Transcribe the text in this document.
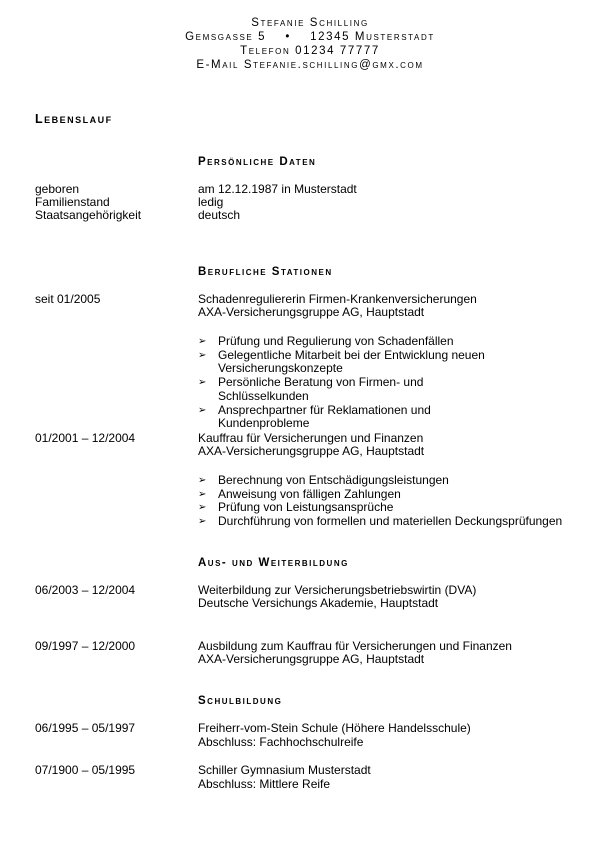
Stefanie Schilling
Gemsgasse 5    •    12345 Musterstadt
Telefon 01234 77777
E-Mail Stefanie.schilling@gmx.com
Lebenslauf
Persönliche Daten
geboren	am 12.12.1987 in Musterstadt
Familienstand	ledig
Staatsangehörigkeit	deutsch
Berufliche Stationen
seit 01/2005	Schadenreguliererin Firmen-Krankenversicherungen
AXA-Versicherungsgruppe AG, Hauptstadt
➢ Prüfung und Regulierung von Schadenfällen
➢ Gelegentliche Mitarbeit bei der Entwicklung neuen Versicherungskonzepte
➢ Persönliche Beratung von Firmen- und Schlüsselkunden
➢ Ansprechpartner für Reklamationen und Kundenprobleme
01/2001 – 12/2004	Kauffrau für Versicherungen und Finanzen
AXA-Versicherungsgruppe AG, Hauptstadt
➢ Berechnung von Entschädigungsleistungen
➢ Anweisung von fälligen Zahlungen
➢ Prüfung von Leistungsansprüche
➢ Durchführung von formellen und materiellen Deckungsprüfungen
Aus- und Weiterbildung
06/2003 – 12/2004	Weiterbildung zur Versicherungsbetriebswirtin (DVA)
Deutsche Versichungs Akademie, Hauptstadt
09/1997 – 12/2000	Ausbildung zum Kauffrau für Versicherungen und Finanzen
AXA-Versicherungsgruppe AG, Hauptstadt
Schulbildung
06/1995 – 05/1997	Freiherr-vom-Stein Schule (Höhere Handelsschule)
Abschluss: Fachhochschulreife
07/1900 – 05/1995	Schiller Gymnasium Musterstadt
Abschluss: Mittlere Reife
